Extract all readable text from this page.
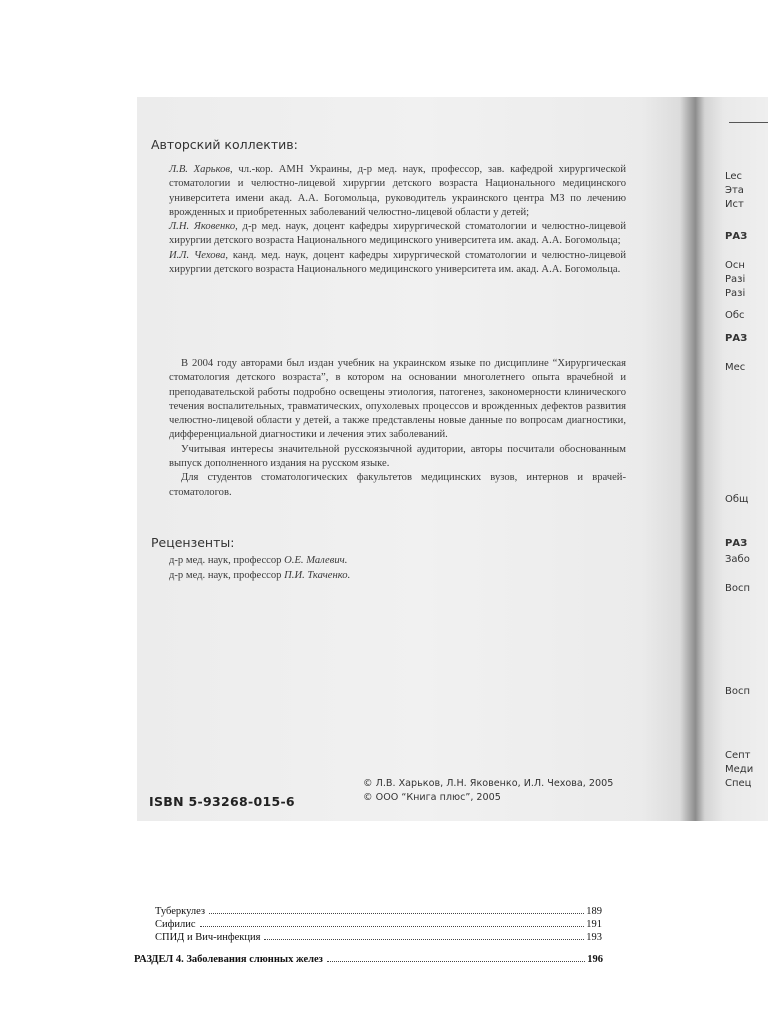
Авторский коллектив:

Л.В. Харьков, чл.-кор. АМН Украины, д-р мед. наук, профессор, зав. кафедрой хирургической стоматологии и челюстно-лицевой хирургии детского возраста Национального медицинского университета имени акад. А.А. Богомольца, руководитель украинского центра МЗ по лечению врожденных и приобретенных заболеваний челюстно-лицевой области у детей;

Л.Н. Яковенко, д-р мед. наук, доцент кафедры хирургической стоматологии и челюстно-лицевой хирургии детского возраста Национального медицинского университета им. акад. А.А. Богомольца;

И.Л. Чехова, канд. мед. наук, доцент кафедры хирургической стоматологии и челюстно-лицевой хирургии детского возраста Национального медицинского университета им. акад. А.А. Богомольца.

В 2004 году авторами был издан учебник на украинском языке по дисциплине “Хирургическая стоматология детского возраста”, в котором на основании многолетнего опыта врачебной и преподавательской работы подробно освещены этиология, патогенез, закономерности клинического течения воспалительных, травматических, опухолевых процессов и врожденных дефектов развития челюстно-лицевой области у детей, а также представлены новые данные по вопросам диагностики, дифференциальной диагностики и лечения этих заболеваний.

Учитывая интересы значительной русскоязычной аудитории, авторы посчитали обоснованным выпуск дополненного издания на русском языке.

Для студентов стоматологических факультетов медицинских вузов, интернов и врачей-стоматологов.

Рецензенты:
д-р мед. наук, профессор О.Е. Малевич.
д-р мед. наук, профессор П.И. Ткаченко.
© Л.В. Харьков, Л.Н. Яковенко, И.Л. Чехова, 2005
© ООО “Книга плюс”, 2005
ISBN 5-93268-015-6
Lec
Эта
Ист
РАЗ
Осн
Разі
Разі
Обс
РАЗ
Мес
Общ
РАЗ
Забо
Восп
Восп
Септ
Меди
Спец
Туберкулез	189
Сифилис	191
СПИД и Вич-инфекция	193
РАЗДЕЛ 4. Заболевания слюнных желез	196
